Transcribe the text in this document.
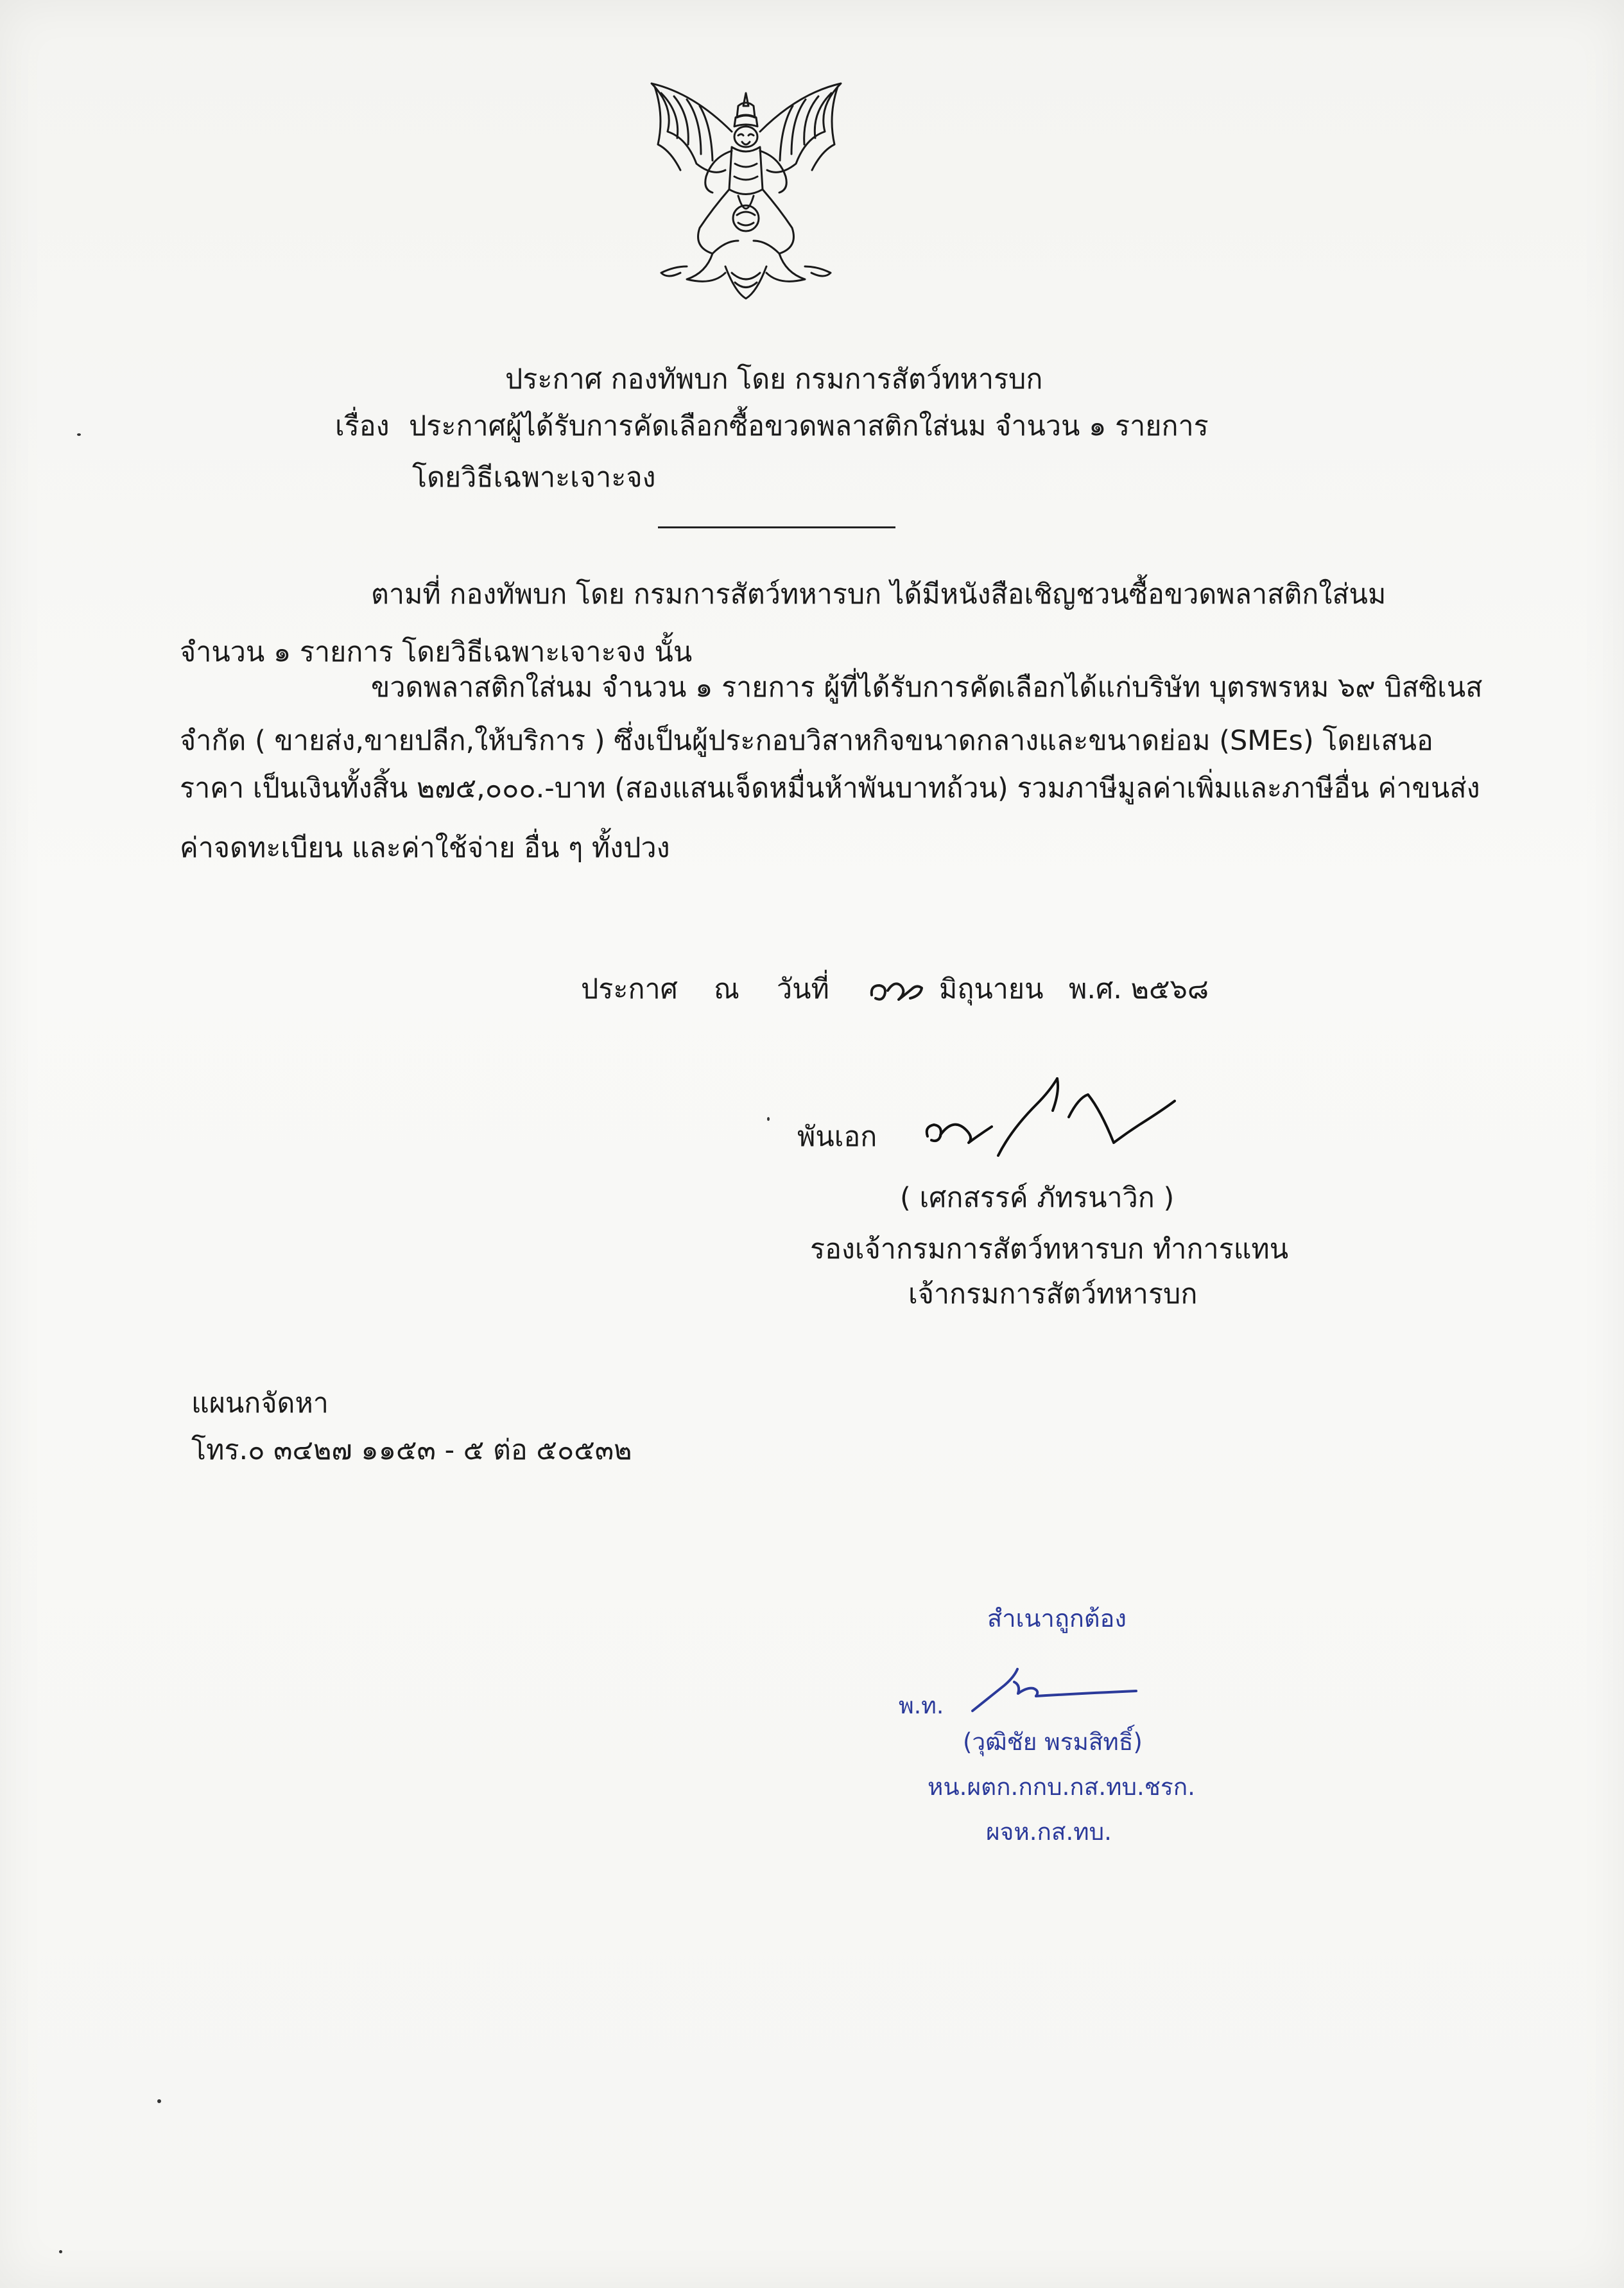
ประกาศ กองทัพบก โดย กรมการสัตว์ทหารบก
เรื่อง ประกาศผู้ได้รับการคัดเลือกซื้อขวดพลาสติกใส่นม จำนวน ๑ รายการ
โดยวิธีเฉพาะเจาะจง
ตามที่ กองทัพบก โดย กรมการสัตว์ทหารบก ได้มีหนังสือเชิญชวนซื้อขวดพลาสติกใส่นม
จำนวน ๑ รายการ โดยวิธีเฉพาะเจาะจง นั้น
ขวดพลาสติกใส่นม จำนวน ๑ รายการ ผู้ที่ได้รับการคัดเลือกได้แก่บริษัท บุตรพรหม ๖๙ บิสซิเนส
จำกัด ( ขายส่ง,ขายปลีก,ให้บริการ ) ซึ่งเป็นผู้ประกอบวิสาหกิจขนาดกลางและขนาดย่อม (SMEs) โดยเสนอ
ราคา เป็นเงินทั้งสิ้น ๒๗๕,๐๐๐.-บาท (สองแสนเจ็ดหมื่นห้าพันบาทถ้วน) รวมภาษีมูลค่าเพิ่มและภาษีอื่น ค่าขนส่ง
ค่าจดทะเบียน และค่าใช้จ่าย อื่น ๆ ทั้งปวง
ประกาศ ณ วันที่	มิถุนายน พ.ศ. ๒๕๖๘
พันเอก
( เศกสรรค์ ภัทรนาวิก )
รองเจ้ากรมการสัตว์ทหารบก ทำการแทน
เจ้ากรมการสัตว์ทหารบก
แผนกจัดหา
โทร.๐ ๓๔๒๗ ๑๑๕๓ - ๕ ต่อ ๕๐๕๓๒
สำเนาถูกต้อง
พ.ท.
(วุฒิชัย พรมสิทธิ์)
หน.ผตก.กกบ.กส.ทบ.ชรก.
ผจห.กส.ทบ.
